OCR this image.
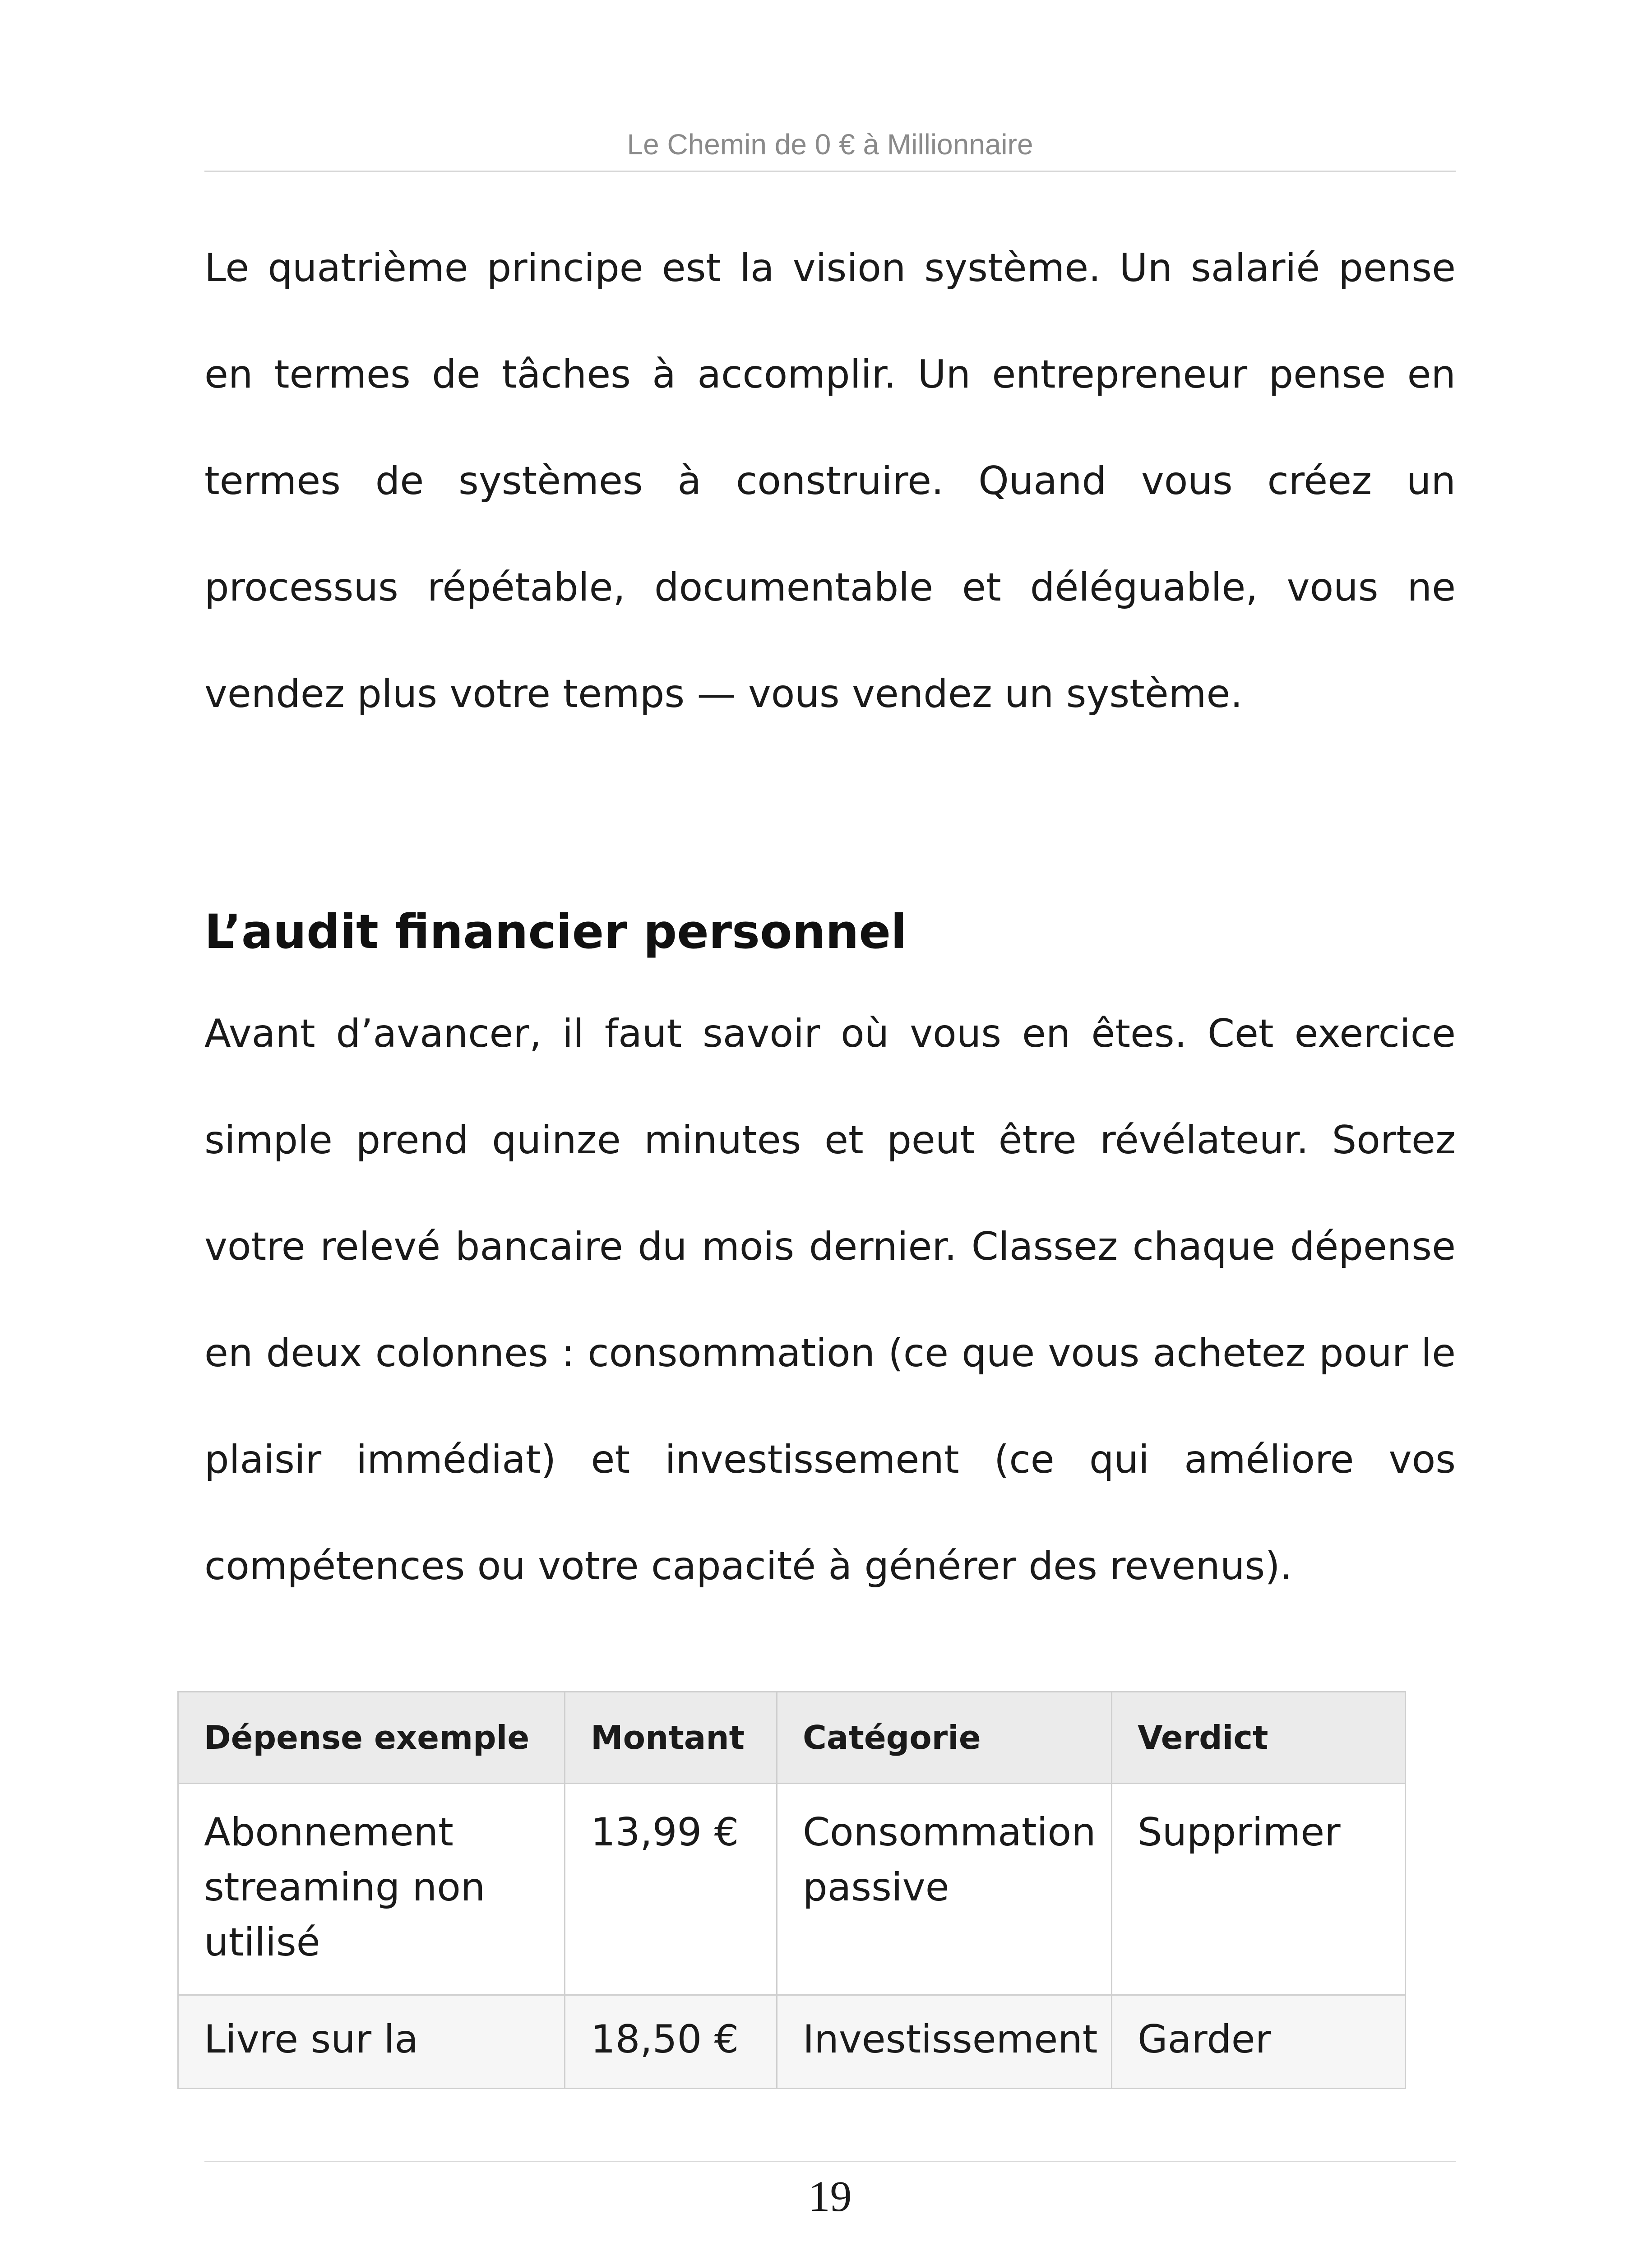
Le Chemin de 0 € à Millionnaire

Le quatrième principe est la vision système. Un salarié pense en termes de tâches à accomplir. Un entrepreneur pense en termes de systèmes à construire. Quand vous créez un processus répétable, documentable et déléguable, vous ne vendez plus votre temps — vous vendez un système.

L’audit financier personnel

Avant d’avancer, il faut savoir où vous en êtes. Cet exercice simple prend quinze minutes et peut être révélateur. Sortez votre relevé bancaire du mois dernier. Classez chaque dépense en deux colonnes : consommation (ce que vous achetez pour le plaisir immédiat) et investissement (ce qui améliore vos compétences ou votre capacité à générer des revenus).

Dépense exemple	Montant	Catégorie	Verdict
Abonnement streaming non utilisé	13,99 €	Consommation passive	Supprimer
Livre sur la	18,50 €	Investissement	Garder
19
